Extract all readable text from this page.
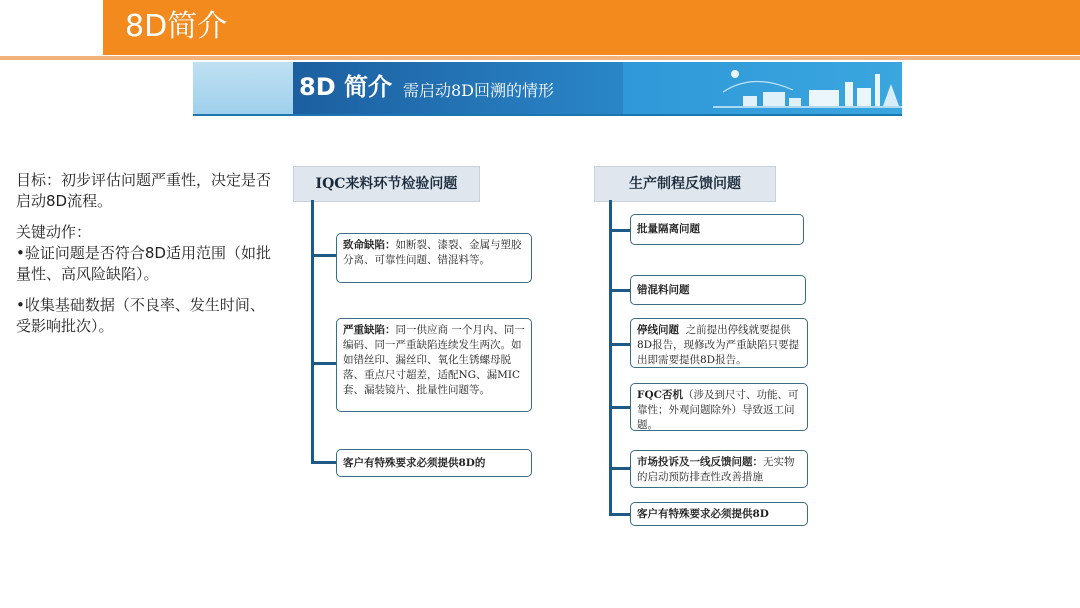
8D简介
8D 简介 需启动8D回溯的情形

目标：初步评估问题严重性，决定是否启动8D流程。

关键动作：

•验证问题是否符合8D适用范围（如批量性、高风险缺陷）。

•收集基础数据（不良率、发生时间、受影响批次）。

IQC来料环节检验问题
致命缺陷：如断裂、漆裂、金属与塑胶分离、可靠性问题、错混料等。
严重缺陷：同一供应商 一个月内、同一编码、同一严重缺陷连续发生两次。如如错丝印、漏丝印、氧化生锈螺母脱落、重点尺寸超差，适配NG、漏MIC套、漏装镜片、批量性问题等。
客户有特殊要求必须提供8D的
生产制程反馈问题
批量隔离问题
错混料问题
停线问题 之前提出停线就要提供8D报告，现修改为严重缺陷只要提出即需要提供8D报告。
FQC否机（涉及到尺寸、功能、可靠性；外观问题除外）导致返工问题。
市场投诉及一线反馈问题：无实物的启动预防排查性改善措施
客户有特殊要求必须提供8D
